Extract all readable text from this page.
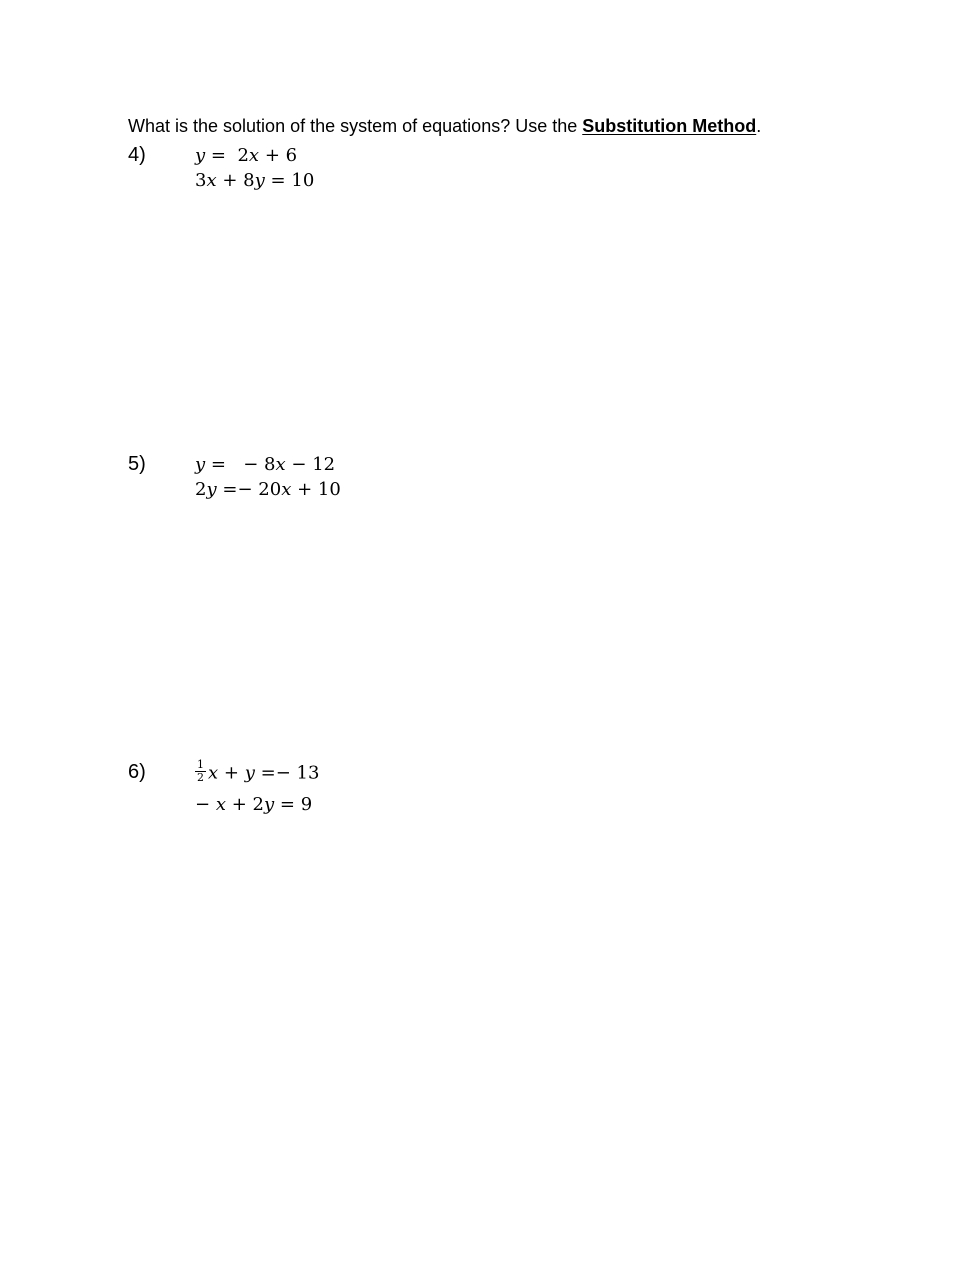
What is the solution of the system of equations? Use the Substitution Method.
4)	y = 2x + 6
3x + 8y = 10
5)	y = − 8x − 12
2y =− 20x + 10
6)	$\frac{1}{2}$ x + y =− 13
− x + 2y = 9
